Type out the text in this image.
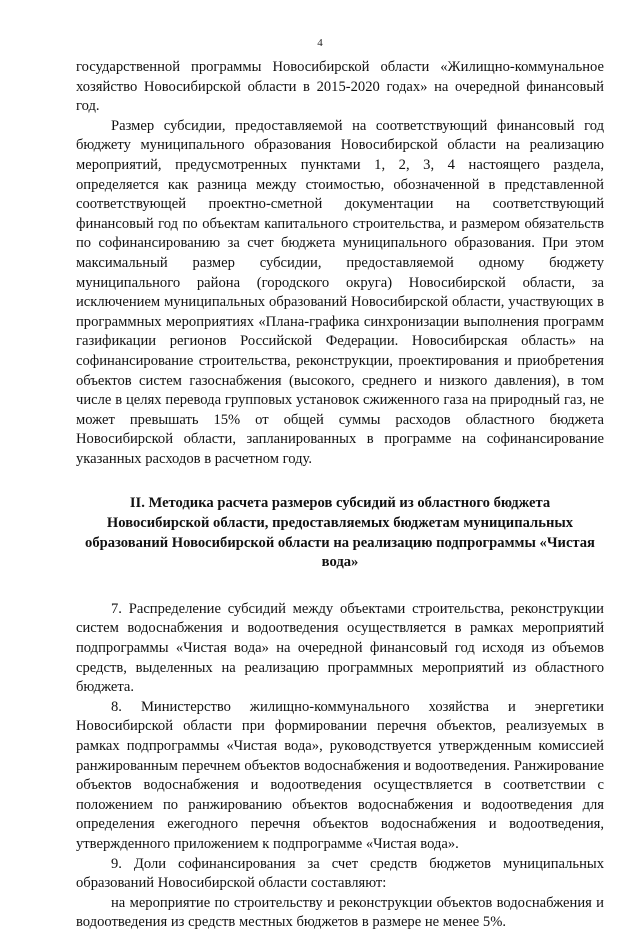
4

государственной программы Новосибирской области «Жилищно-коммунальное хозяйство Новосибирской области в 2015-2020 годах» на очередной финансовый год.

Размер субсидии, предоставляемой на соответствующий финансовый год бюджету муниципального образования Новосибирской области на реализацию мероприятий, предусмотренных пунктами 1, 2, 3, 4 настоящего раздела, определяется как разница между стоимостью, обозначенной в представленной соответствующей проектно-сметной документации на соответствующий финансовый год по объектам капитального строительства, и размером обязательств по софинансированию за счет бюджета муниципального образования. При этом максимальный размер субсидии, предоставляемой одному бюджету муниципального района (городского округа) Новосибирской области, за исключением муниципальных образований Новосибирской области, участвующих в программных мероприятиях «Плана-графика синхронизации выполнения программ газификации регионов Российской Федерации. Новосибирская область» на софинансирование строительства, реконструкции, проектирования и приобретения объектов систем газоснабжения (высокого, среднего и низкого давления), в том числе в целях перевода групповых установок сжиженного газа на природный газ, не может превышать 15% от общей суммы расходов областного бюджета Новосибирской области, запланированных в программе на софинансирование указанных расходов в расчетном году.

II. Методика расчета размеров субсидий из областного бюджета Новосибирской области, предоставляемых бюджетам муниципальных образований Новосибирской области на реализацию подпрограммы «Чистая вода»

7. Распределение субсидий между объектами строительства, реконструкции систем водоснабжения и водоотведения осуществляется в рамках мероприятий подпрограммы «Чистая вода» на очередной финансовый год исходя из объемов средств, выделенных на реализацию программных мероприятий из областного бюджета.

8. Министерство жилищно-коммунального хозяйства и энергетики Новосибирской области при формировании перечня объектов, реализуемых в рамках подпрограммы «Чистая вода», руководствуется утвержденным комиссией ранжированным перечнем объектов водоснабжения и водоотведения. Ранжирование объектов водоснабжения и водоотведения осуществляется в соответствии с положением по ранжированию объектов водоснабжения и водоотведения для определения ежегодного перечня объектов водоснабжения и водоотведения, утвержденного приложением к подпрограмме «Чистая вода».

9. Доли софинансирования за счет средств бюджетов муниципальных образований Новосибирской области составляют:

на мероприятие по строительству и реконструкции объектов водоснабжения и водоотведения из средств местных бюджетов в размере не менее 5%.
